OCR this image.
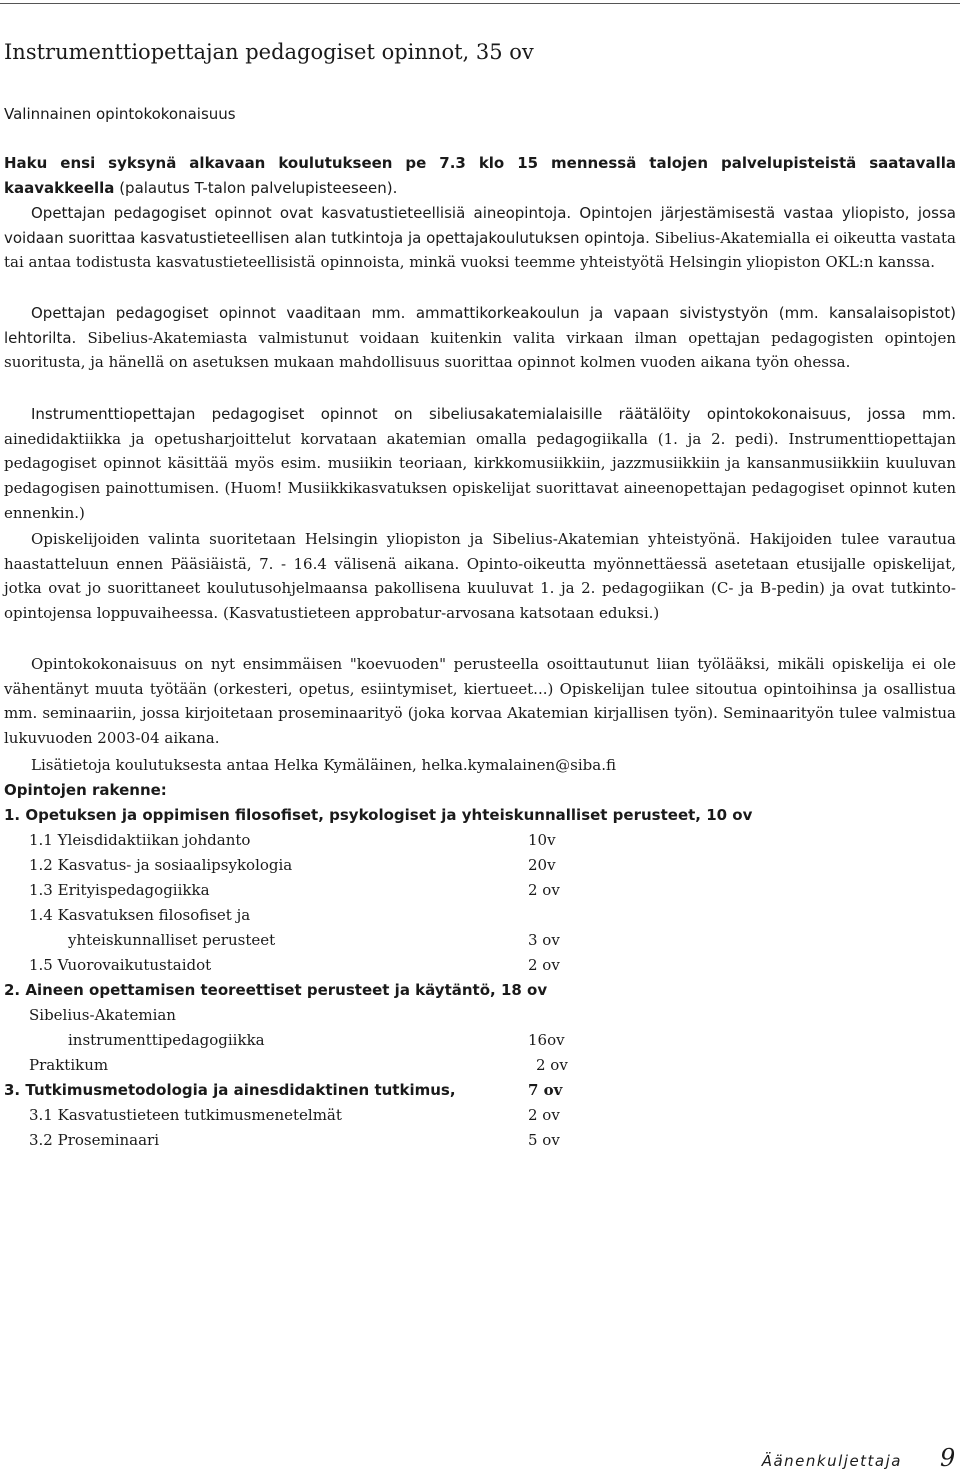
Instrumenttiopettajan pedagogiset opinnot, 35 ov
Valinnainen opintokokonaisuus
Haku ensi syksynä alkavaan koulutukseen pe 7.3 klo 15 mennessä talojen palvelupisteistä saatavalla kaavakkeella (palautus T-talon palvelupisteeseen).
Opettajan pedagogiset opinnot ovat kasvatustieteellisiä aineopintoja. Opintojen järjestämisestä vastaa yliopisto, jossa voidaan suorittaa kasvatustieteellisen alan tutkintoja ja opettajakoulutuksen opintoja. Sibelius-Akatemialla ei oikeutta vastata tai antaa todistusta kasvatustieteellisistä opinnoista, minkä vuoksi teemme yhteistyötä Helsingin yliopiston OKL:n kanssa.
Opettajan pedagogiset opinnot vaaditaan mm. ammattikorkeakoulun ja vapaan sivistystyön (mm. kansalaisopistot) lehtorilta. Sibelius-Akatemiasta valmistunut voidaan kuitenkin valita virkaan ilman opettajan pedagogisten opintojen suoritusta, ja hänellä on asetuksen mukaan mahdollisuus suorittaa opinnot kolmen vuoden aikana työn ohessa.
Instrumenttiopettajan pedagogiset opinnot on sibeliusakatemialaisille räätälöity opintokokonaisuus, jossa mm. ainedidaktiikka ja opetusharjoittelut korvataan akatemian omalla pedagogiikalla (1. ja 2. pedi). Instrumenttiopettajan pedagogiset opinnot käsittää myös esim. musiikin teoriaan, kirkkomusiikkiin, jazzmusiikkiin ja kansanmusiikkiin kuuluvan pedagogisen painottumisen. (Huom! Musiikkikasvatuksen opiskelijat suorittavat aineenopettajan pedagogiset opinnot kuten ennenkin.)
Opiskelijoiden valinta suoritetaan Helsingin yliopiston ja Sibelius-Akatemian yhteistyönä. Hakijoiden tulee varautua haastatteluun ennen Pääsiäistä, 7. - 16.4 välisenä aikana. Opinto-oikeutta myönnettäessä asetetaan etusijalle opiskelijat, jotka ovat jo suorittaneet koulutusohjelmaansa pakollisena kuuluvat 1. ja 2. pedagogiikan (C- ja B-pedin) ja ovat tutkinto-opintojensa loppuvaiheessa. (Kasvatustieteen approbatur-arvosana katsotaan eduksi.)
Opintokokonaisuus on nyt ensimmäisen "koevuoden" perusteella osoittautunut liian työlääksi, mikäli opiskelija ei ole vähentänyt muuta työtään (orkesteri, opetus, esiintymiset, kiertueet...) Opiskelijan tulee sitoutua opintoihinsa ja osallistua mm. seminaariin, jossa kirjoitetaan proseminaarityö (joka korvaa Akatemian kirjallisen työn). Seminaarityön tulee valmistua lukuvuoden 2003-04 aikana.
Lisätietoja koulutuksesta antaa Helka Kymäläinen, helka.kymalainen@siba.fi
Opintojen rakenne:
1. Opetuksen ja oppimisen filosofiset, psykologiset ja yhteiskunnalliset perusteet, 10 ov
1.1 Yleisdidaktiikan johdanto	10v
1.2 Kasvatus- ja sosiaalipsykologia	20v
1.3 Erityispedagogiikka	2 ov
1.4 Kasvatuksen filosofiset ja
yhteiskunnalliset perusteet	3 ov
1.5 Vuorovaikutustaidot	2 ov
2. Aineen opettamisen teoreettiset perusteet ja käytäntö, 18 ov
Sibelius-Akatemian
instrumenttipedagogiikka	16ov
Praktikum	2 ov
3. Tutkimusmetodologia ja ainesdidaktinen tutkimus,	7 ov
3.1 Kasvatustieteen tutkimusmenetelmät	2 ov
3.2 Proseminaari	5 ov
Äänenkuljettaja 9
